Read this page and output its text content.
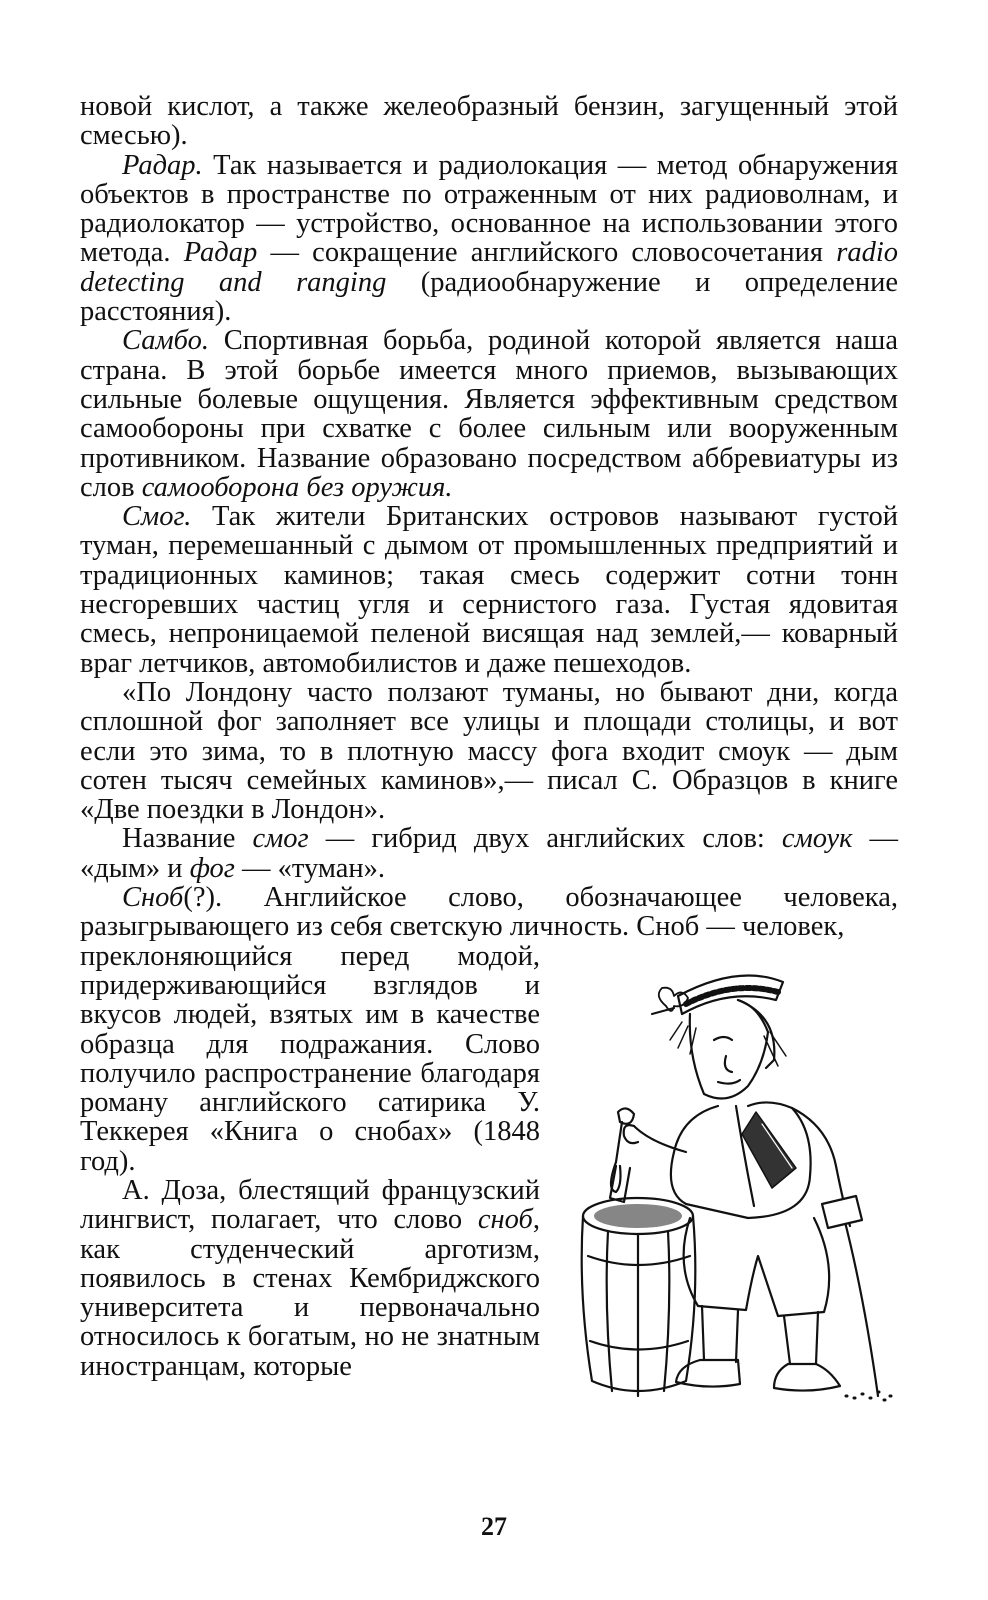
новой кислот, а также желеобразный бензин, загущенный этой смесью).

Радар. Так называется и радиолокация — метод обнаружения объектов в пространстве по отраженным от них радиоволнам, и радиолокатор — устройство, основанное на использовании этого метода. Радар — сокращение английского словосочетания radio detecting and ranging (радиообнаружение и определение расстояния).

Самбо. Спортивная борьба, родиной которой является наша страна. В этой борьбе имеется много приемов, вызывающих сильные болевые ощущения. Является эффективным средством самообороны при схватке с более сильным или вооруженным противником. Название образовано посредством аббревиатуры из слов самооборона без оружия.

Смог. Так жители Британских островов называют густой туман, перемешанный с дымом от промышленных предприятий и традиционных каминов; такая смесь содержит сотни тонн несгоревших частиц угля и сернистого газа. Густая ядовитая смесь, непроницаемой пеленой висящая над землей,— коварный враг летчиков, автомобилистов и даже пешеходов.

«По Лондону часто ползают туманы, но бывают дни, когда сплошной фог заполняет все улицы и площади столицы, и вот если это зима, то в плотную массу фога входит смоук — дым сотен тысяч семейных каминов»,— писал С. Образцов в книге «Две поездки в Лондон».

Название смог — гибрид двух английских слов: смоук — «дым» и фог — «туман».

Сноб(?). Английское слово, обозначающее человека, разыгрывающего из себя светскую личность. Сноб — человек,

преклоняющийся перед модой, придерживающийся взглядов и вкусов людей, взятых им в качестве образца для подражания. Слово получило распространение благодаря роману английского сатирика У. Теккерея «Книга о снобах» (1848 год).

А. Доза, блестящий французский лингвист, полагает, что слово сноб, как студенческий арготизм, появилось в стенах Кембриджского университета и первоначально относилось к богатым, но не знатным иностранцам, которые

27
